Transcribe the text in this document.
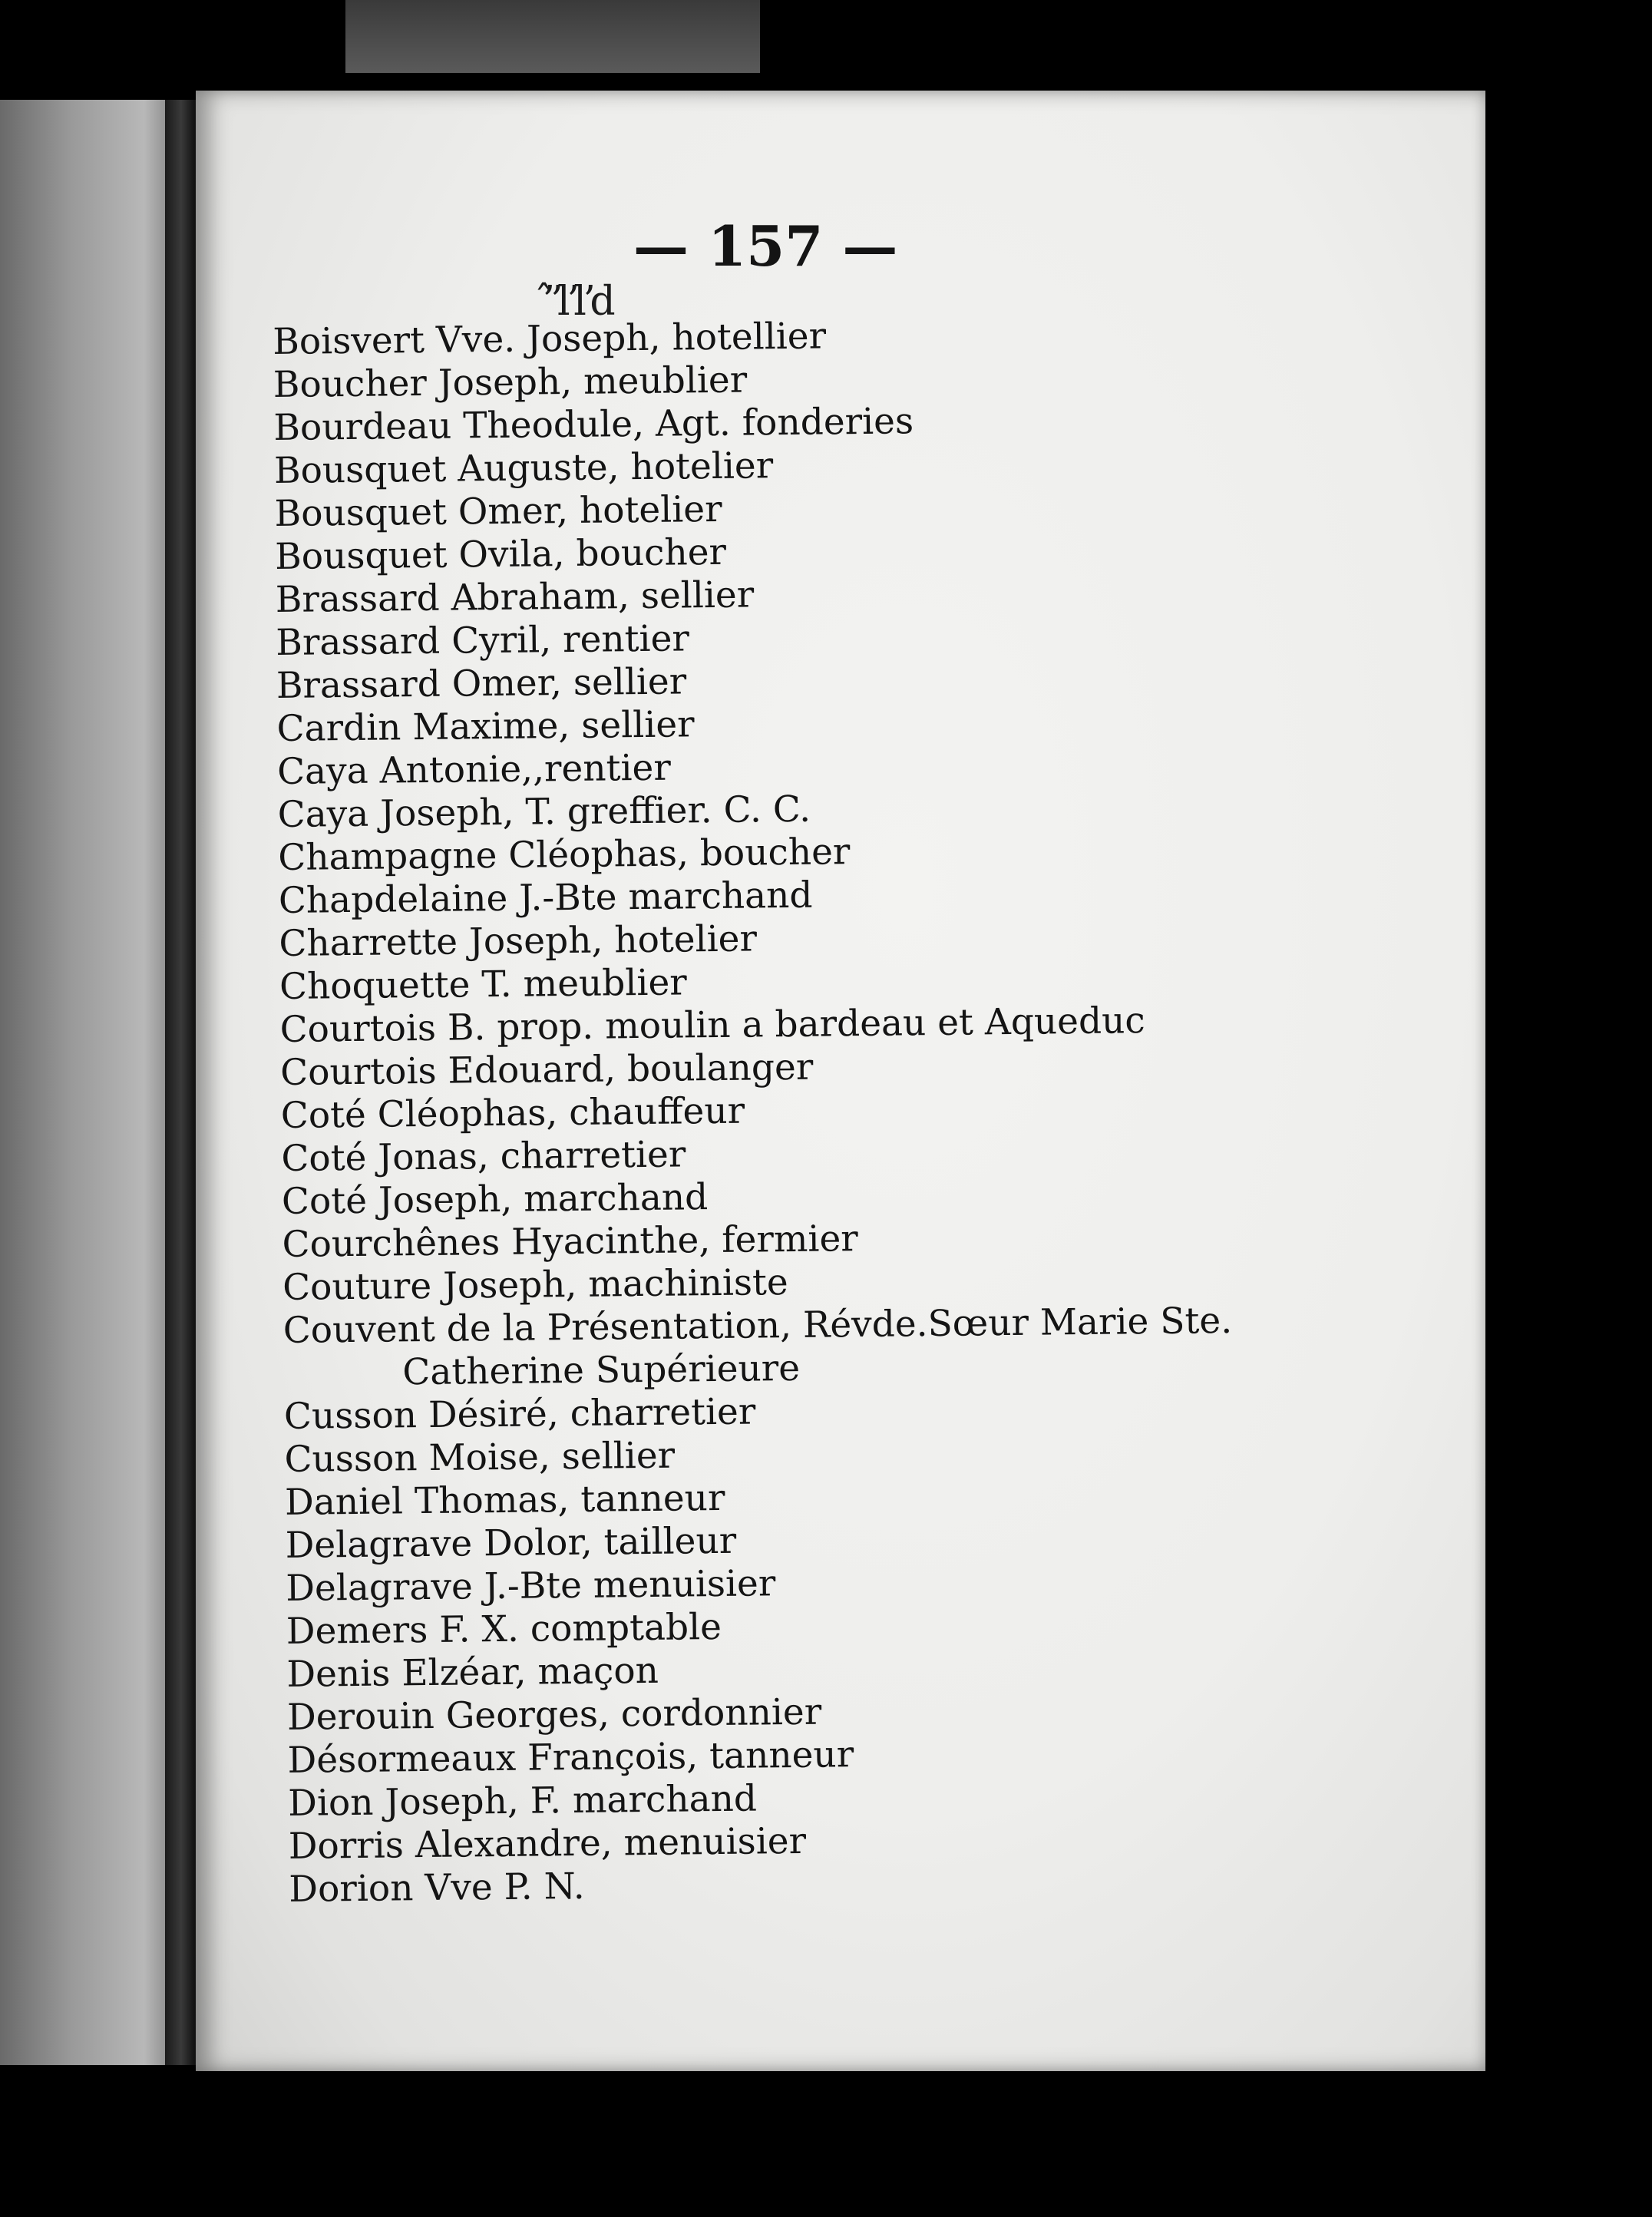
— 157 —
ʼ̂ʼlʼlʼd
Boisvert Vve. Joseph, hotellier
Boucher Joseph, meublier
Bourdeau Theodule, Agt. fonderies
Bousquet Auguste, hotelier
Bousquet Omer, hotelier
Bousquet Ovila, boucher
Brassard Abraham, sellier
Brassard Cyril, rentier
Brassard Omer, sellier
Cardin Maxime, sellier
Caya Antonie,,rentier
Caya Joseph, T. greffier. C. C.
Champagne Cléophas, boucher
Chapdelaine J.-Bte marchand
Charrette Joseph, hotelier
Choquette T. meublier
Courtois B. prop. moulin a bardeau et Aqueduc
Courtois Edouard, boulanger
Coté Cléophas, chauffeur
Coté Jonas, charretier
Coté Joseph, marchand
Courchênes Hyacinthe, fermier
Couture Joseph, machiniste
Couvent de la Présentation, Révde.Sœur Marie Ste.
Catherine Supérieure
Cusson Désiré, charretier
Cusson Moise, sellier
Daniel Thomas, tanneur
Delagrave Dolor, tailleur
Delagrave J.-Bte menuisier
Demers F. X. comptable
Denis Elzéar, maçon
Derouin Georges, cordonnier
Désormeaux François, tanneur
Dion Joseph, F. marchand
Dorris Alexandre, menuisier
Dorion Vve P. N.
